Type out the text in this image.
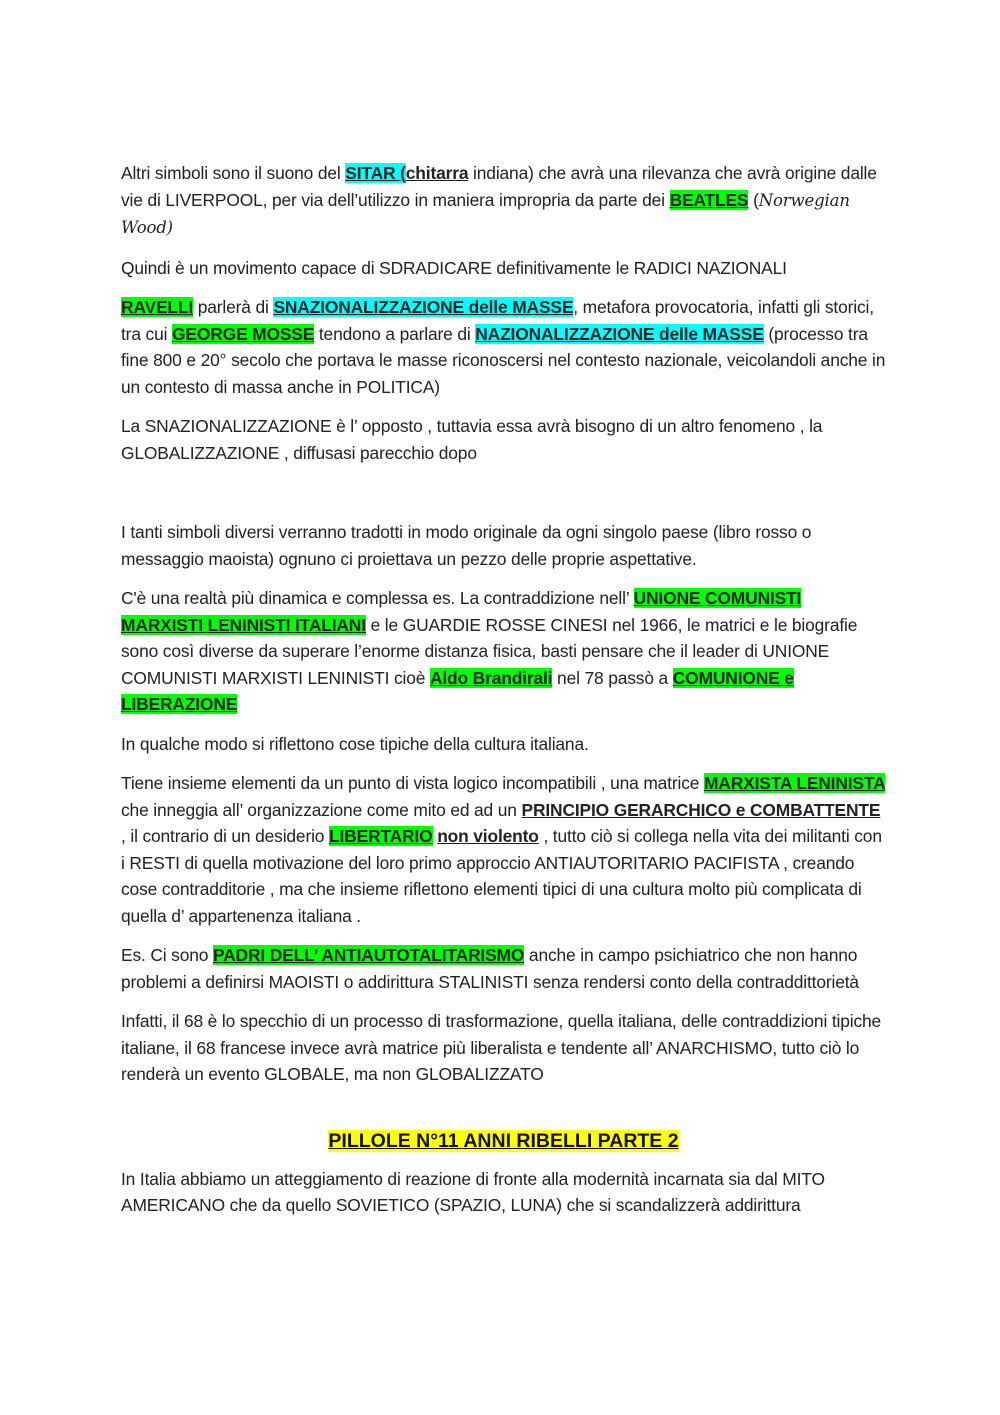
Altri simboli sono il suono del SITAR (chitarra indiana) che avrà una rilevanza che avrà origine dalle vie di LIVERPOOL, per via dell’utilizzo in maniera impropria da parte dei BEATLES (Norwegian Wood)

Quindi è un movimento capace di SDRADICARE definitivamente le RADICI NAZIONALI

RAVELLI parlerà di SNAZIONALIZZAZIONE delle MASSE, metafora provocatoria, infatti gli storici, tra cui GEORGE MOSSE tendono a parlare di NAZIONALIZZAZIONE delle MASSE (processo tra fine 800 e 20° secolo che portava le masse riconoscersi nel contesto nazionale, veicolandoli anche in un contesto di massa anche in POLITICA)

La SNAZIONALIZZAZIONE è l’ opposto , tuttavia essa avrà bisogno di un altro fenomeno , la GLOBALIZZAZIONE , diffusasi parecchio dopo

I tanti simboli diversi verranno tradotti in modo originale da ogni singolo paese (libro rosso o messaggio maoista) ognuno ci proiettava un pezzo delle proprie aspettative.

C'è una realtà più dinamica e complessa es. La contraddizione nell’ UNIONE COMUNISTI MARXISTI LENINISTI ITALIANI e le GUARDIE ROSSE CINESI nel 1966, le matrici e le biografie sono così diverse da superare l’enorme distanza fisica, basti pensare che il leader di UNIONE COMUNISTI MARXISTI LENINISTI cioè Aldo Brandirali nel 78 passò a COMUNIONE e LIBERAZIONE

In qualche modo si riflettono cose tipiche della cultura italiana.

Tiene insieme elementi da un punto di vista logico incompatibili , una matrice MARXISTA LENINISTA che inneggia all’ organizzazione come mito ed ad un PRINCIPIO GERARCHICO e COMBATTENTE , il contrario di un desiderio LIBERTARIO non violento , tutto ciò si collega nella vita dei militanti con i RESTI di quella motivazione del loro primo approccio ANTIAUTORITARIO PACIFISTA , creando cose contradditorie , ma che insieme riflettono elementi tipici di una cultura molto più complicata di quella d’ appartenenza italiana .

Es. Ci sono PADRI DELL’ ANTIAUTOTALITARISMO anche in campo psichiatrico che non hanno problemi a definirsi MAOISTI o addirittura STALINISTI senza rendersi conto della contraddittorietà

Infatti, il 68 è lo specchio di un processo di trasformazione, quella italiana, delle contraddizioni tipiche italiane, il 68 francese invece avrà matrice più liberalista e tendente all’ ANARCHISMO, tutto ciò lo renderà un evento GLOBALE, ma non GLOBALIZZATO

PILLOLE N°11 ANNI RIBELLI PARTE 2

In Italia abbiamo un atteggiamento di reazione di fronte alla modernità incarnata sia dal MITO AMERICANO che da quello SOVIETICO (SPAZIO, LUNA) che si scandalizzerà addirittura
